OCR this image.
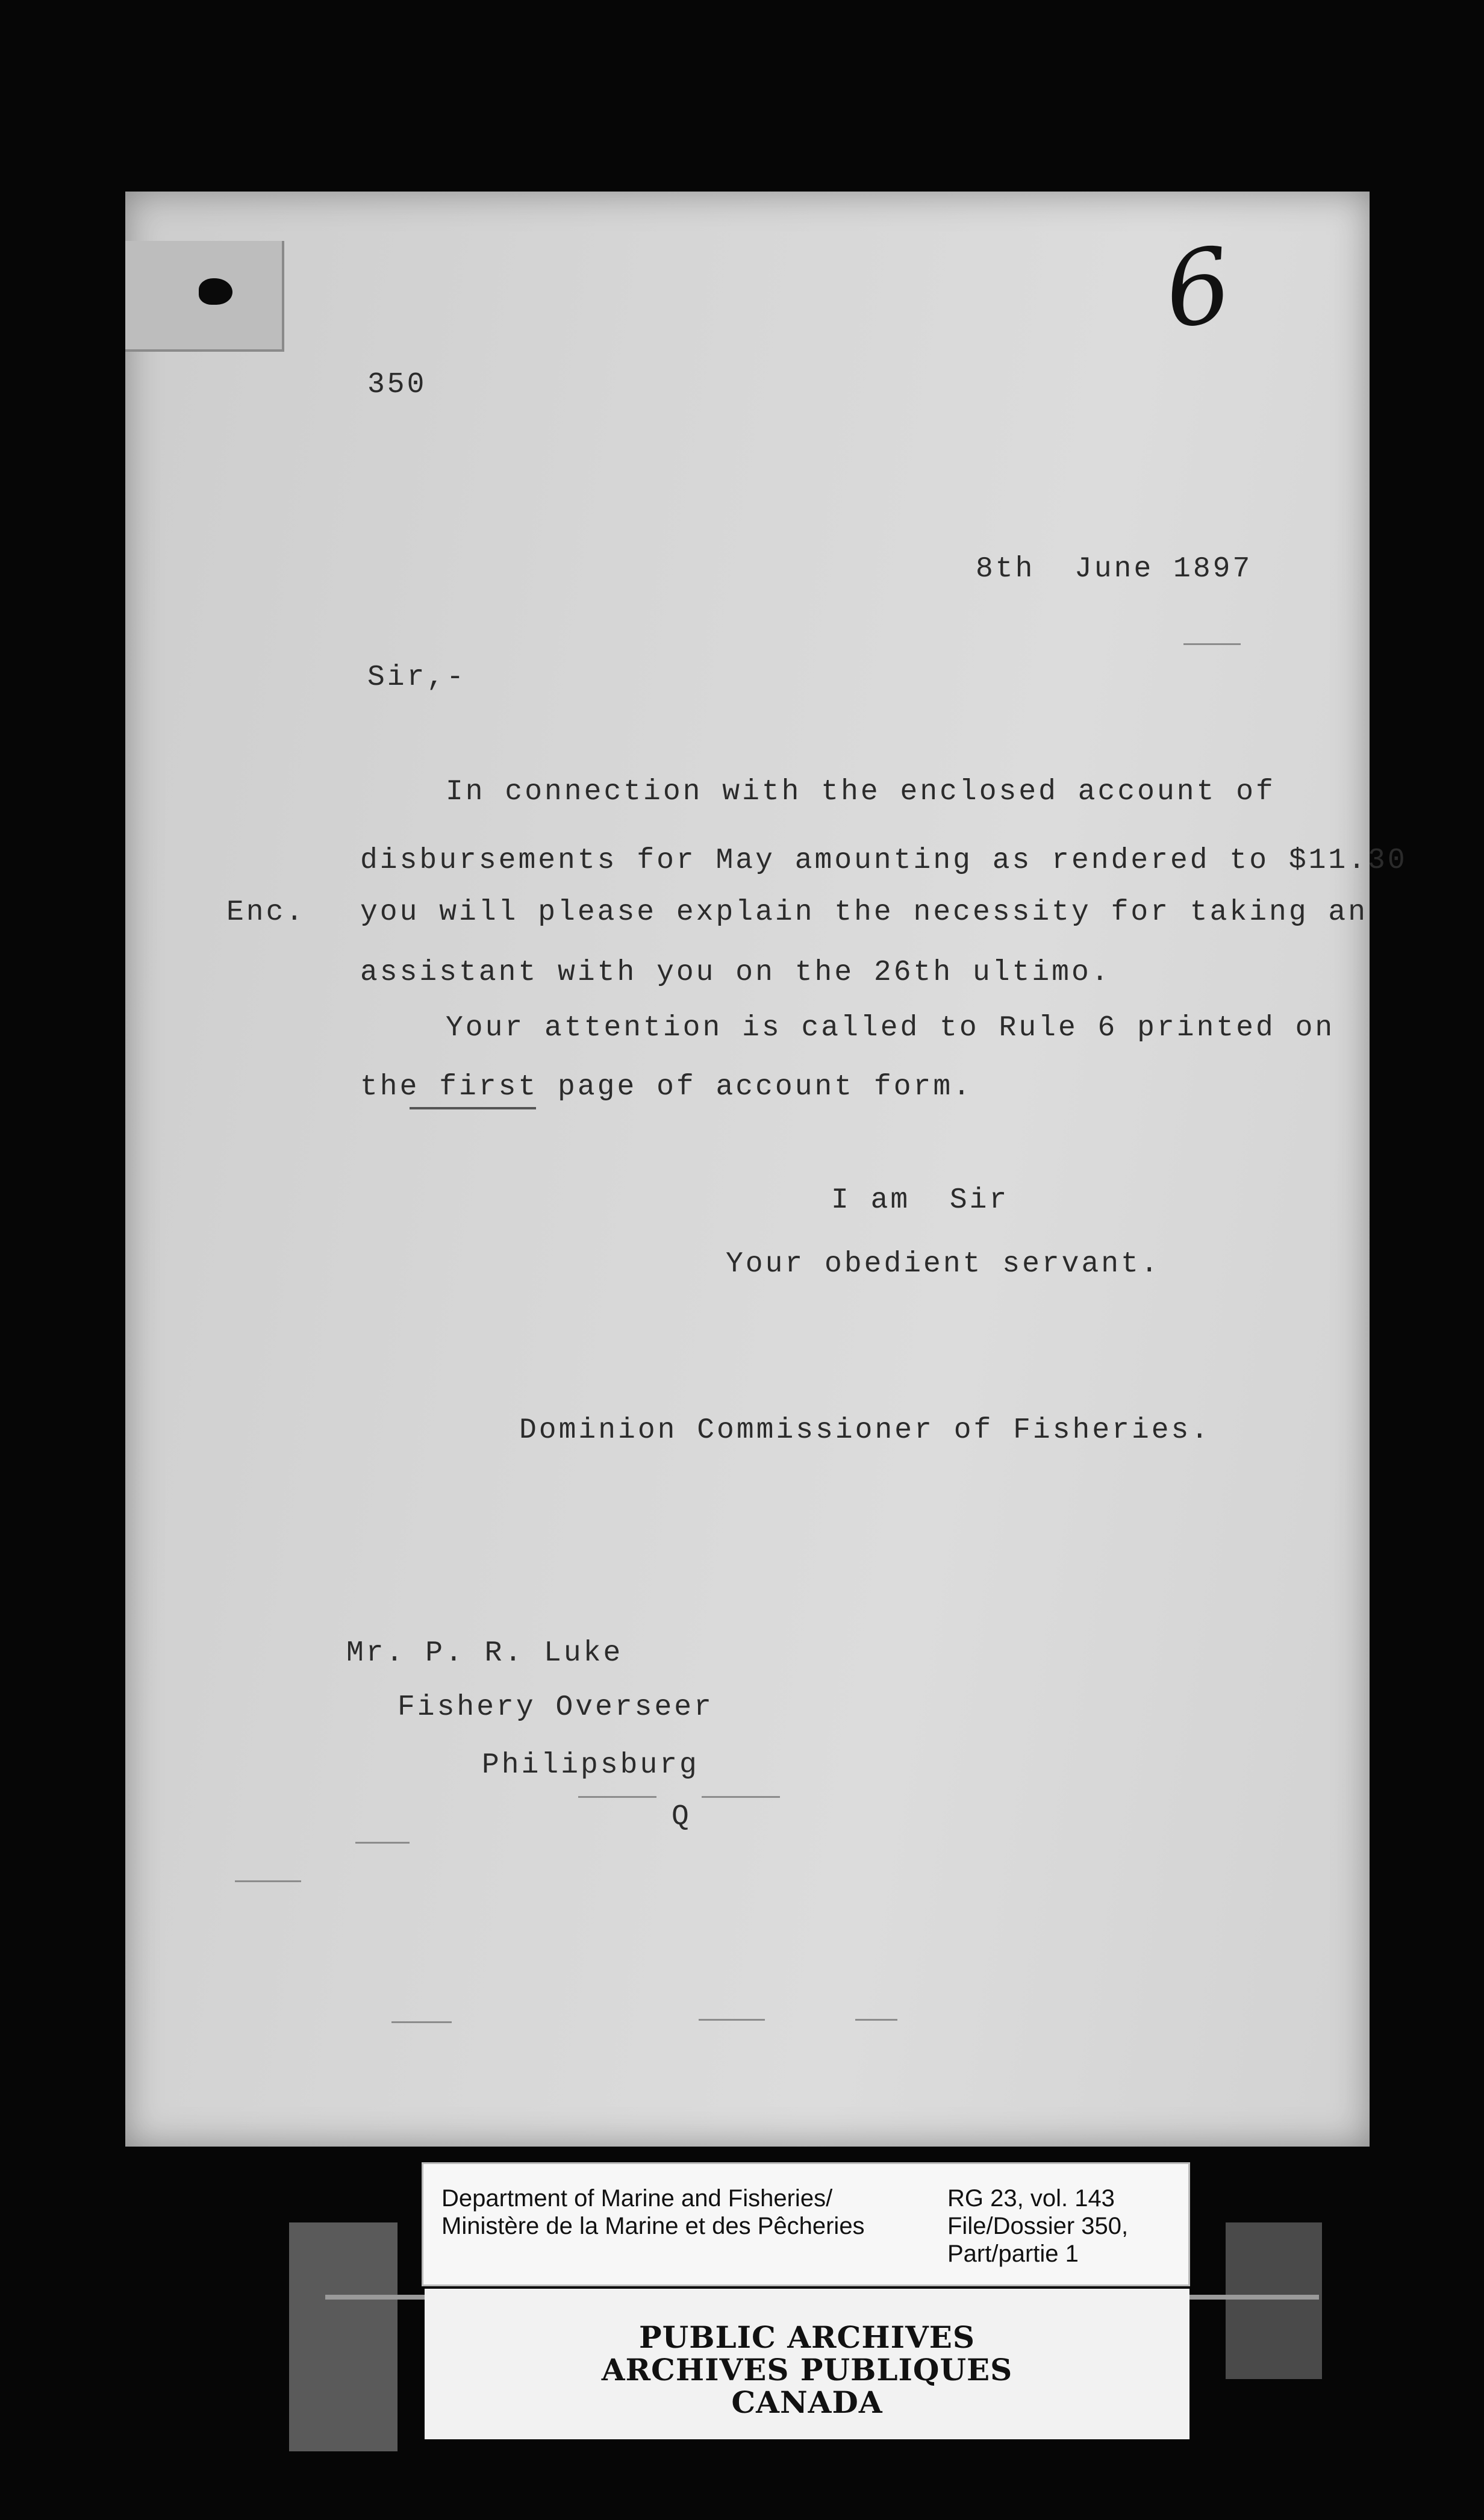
350
6
8th  June 1897
Sir,-
In connection with the enclosed account of
disbursements for May amounting as rendered to $11.30
Enc. you will please explain the necessity for taking an
assistant with you on the 26th ultimo.
Your attention is called to Rule 6 printed on
the first page of account form.
I am  Sir
Your obedient servant.
Dominion Commissioner of Fisheries.
Mr. P. R. Luke
Fishery Overseer
Philipsburg
Q
Department of Marine and Fisheries/
Ministère de la Marine et des Pêcheries
RG 23, vol. 143
File/Dossier 350,
Part/partie 1
PUBLIC ARCHIVES
ARCHIVES PUBLIQUES
CANADA
